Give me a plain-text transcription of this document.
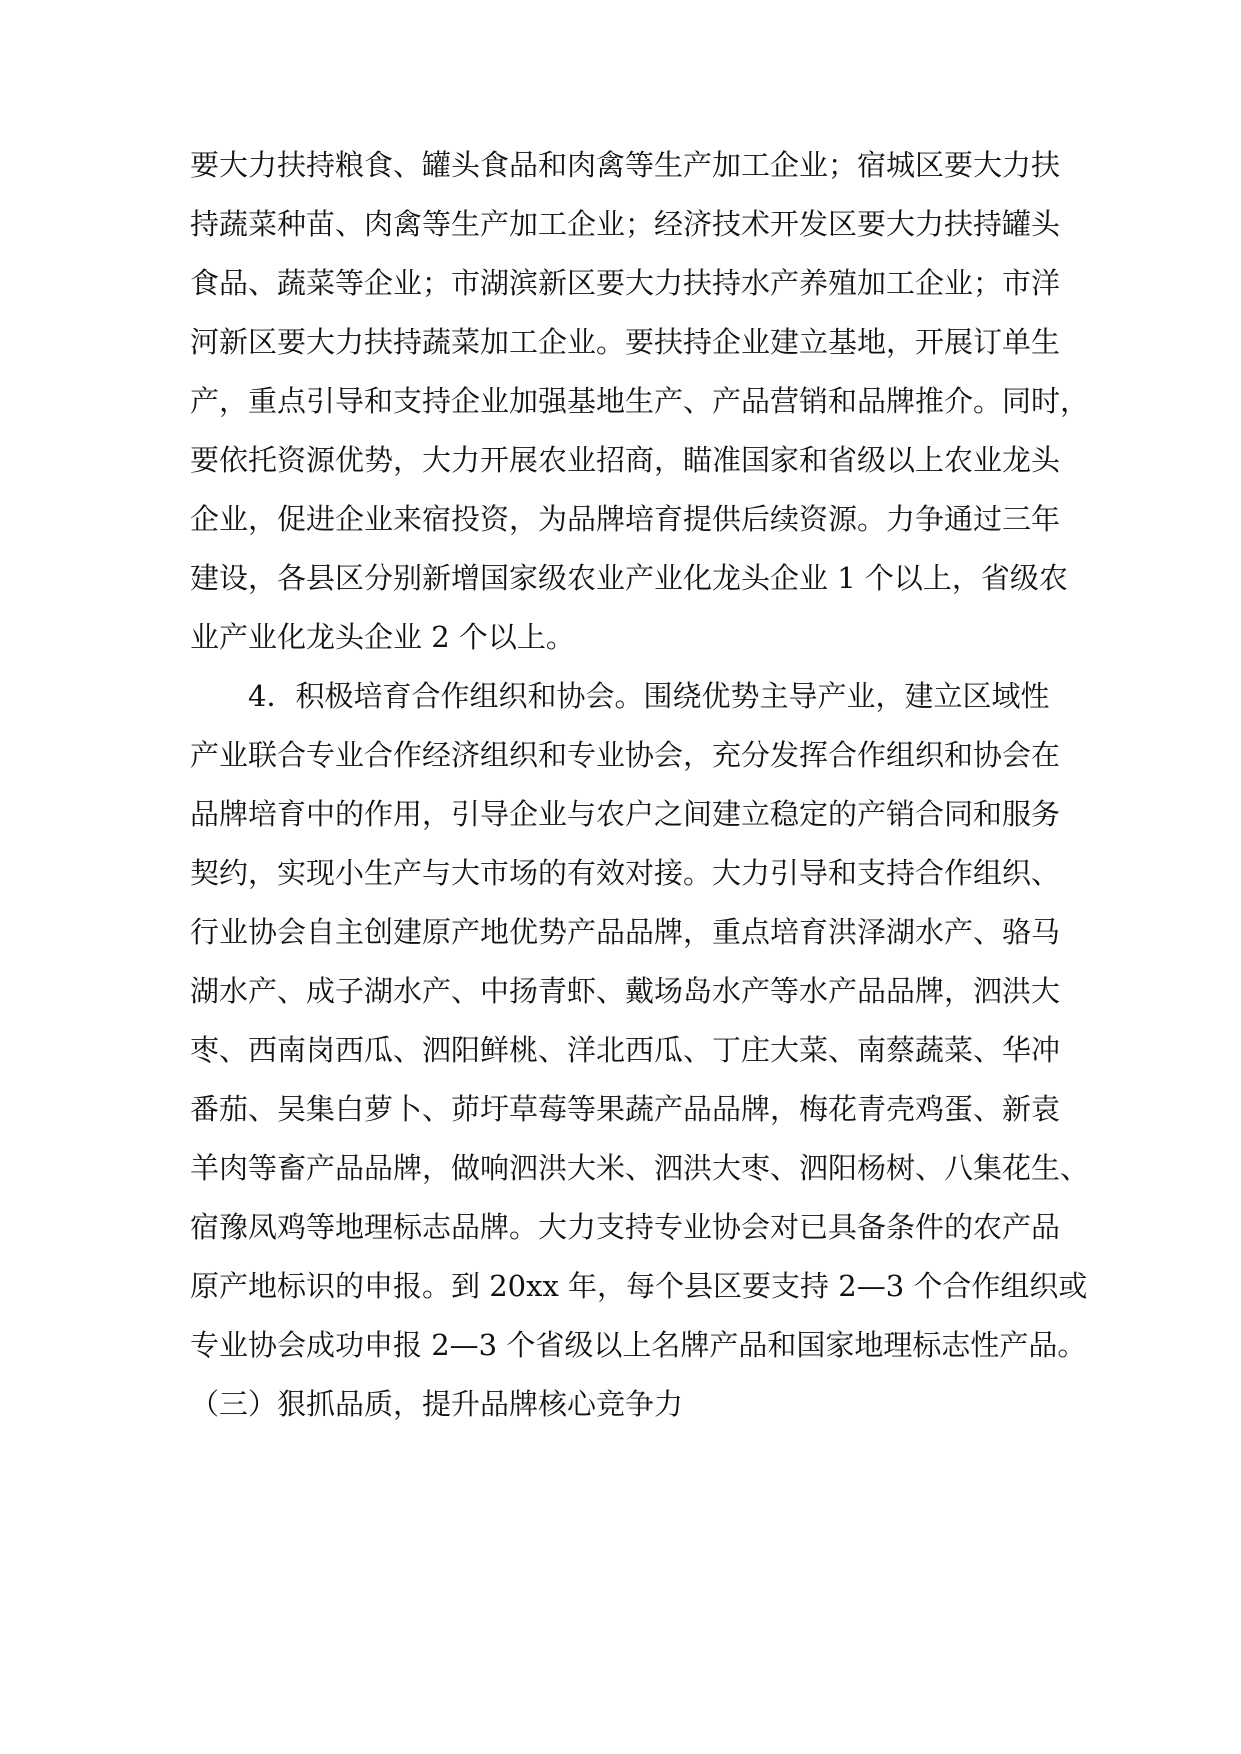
要大力扶持粮食、罐头食品和肉禽等生产加工企业；宿城区要大力扶
持蔬菜种苗、肉禽等生产加工企业；经济技术开发区要大力扶持罐头
食品、蔬菜等企业；市湖滨新区要大力扶持水产养殖加工企业；市洋
河新区要大力扶持蔬菜加工企业。要扶持企业建立基地，开展订单生
产，重点引导和支持企业加强基地生产、产品营销和品牌推介。同时，
要依托资源优势，大力开展农业招商，瞄准国家和省级以上农业龙头
企业，促进企业来宿投资，为品牌培育提供后续资源。力争通过三年
建设，各县区分别新增国家级农业产业化龙头企业 1 个以上，省级农
业产业化龙头企业 2 个以上。
4．积极培育合作组织和协会。围绕优势主导产业，建立区域性
产业联合专业合作经济组织和专业协会，充分发挥合作组织和协会在
品牌培育中的作用，引导企业与农户之间建立稳定的产销合同和服务
契约，实现小生产与大市场的有效对接。大力引导和支持合作组织、
行业协会自主创建原产地优势产品品牌，重点培育洪泽湖水产、骆马
湖水产、成子湖水产、中扬青虾、戴场岛水产等水产品品牌，泗洪大
枣、西南岗西瓜、泗阳鲜桃、洋北西瓜、丁庄大菜、南蔡蔬菜、华冲
番茄、吴集白萝卜、茆圩草莓等果蔬产品品牌，梅花青壳鸡蛋、新袁
羊肉等畜产品品牌，做响泗洪大米、泗洪大枣、泗阳杨树、八集花生、
宿豫凤鸡等地理标志品牌。大力支持专业协会对已具备条件的农产品
原产地标识的申报。到 20xx 年，每个县区要支持 2—3 个合作组织或
专业协会成功申报 2—3 个省级以上名牌产品和国家地理标志性产品。
（三）狠抓品质，提升品牌核心竞争力
